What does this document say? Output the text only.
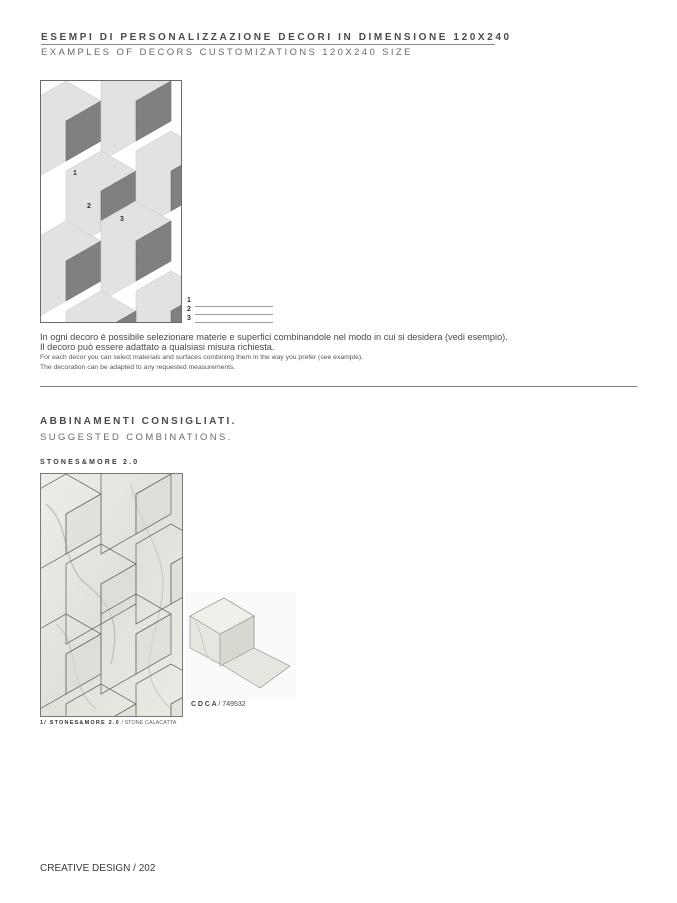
ESEMPI DI PERSONALIZZAZIONE DECORI IN DIMENSIONE 120X240
EXAMPLES OF DECORS CUSTOMIZATIONS 120X240 SIZE
1
2
3
1
2
3
In ogni decoro è possibile selezionare materie e superfici combinandole nel modo in cui si desidera (vedi esempio).
Il decoro può essere adattato a qualsiasi misura richiesta.
For each decor you can select materials and surfaces combining them in the way you prefer (see example).
The decoration can be adapted to any requested measurements.
ABBINAMENTI CONSIGLIATI.
SUGGESTED COMBINATIONS.
STONES&MORE 2.0
CDCA/ 749532
1/ STONES&MORE 2.0 / STONE CALACATTA
CREATIVE DESIGN / 202
